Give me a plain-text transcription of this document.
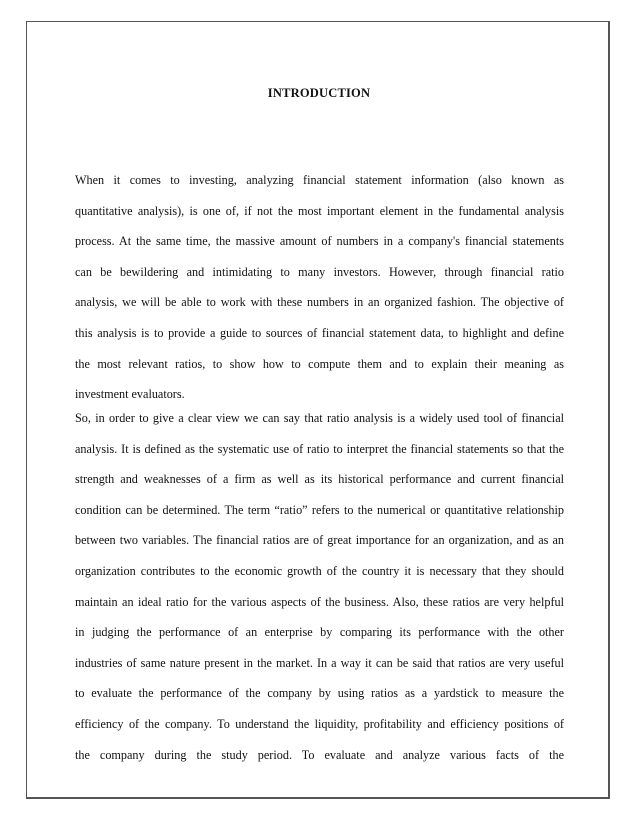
INTRODUCTION

When it comes to investing, analyzing financial statement information (also known as
quantitative analysis), is one of, if not the most important element in the fundamental analysis
process. At the same time, the massive amount of numbers in a company's financial statements
can be bewildering and intimidating to many investors. However, through financial ratio
analysis, we will be able to work with these numbers in an organized fashion. The objective of
this analysis is to provide a guide to sources of financial statement data, to highlight and define
the most relevant ratios, to show how to compute them and to explain their meaning as
investment evaluators.

So, in order to give a clear view we can say that ratio analysis is a widely used tool of financial
analysis. It is defined as the systematic use of ratio to interpret the financial statements so that the
strength and weaknesses of a firm as well as its historical performance and current financial
condition can be determined. The term “ratio” refers to the numerical or quantitative relationship
between two variables. The financial ratios are of great importance for an organization, and as an
organization contributes to the economic growth of the country it is necessary that they should
maintain an ideal ratio for the various aspects of the business. Also, these ratios are very helpful
in judging the performance of an enterprise by comparing its performance with the other
industries of same nature present in the market. In a way it can be said that ratios are very useful
to evaluate the performance of the company by using ratios as a yardstick to measure the
efficiency of the company. To understand the liquidity, profitability and efficiency positions of
the company during the study period. To evaluate and analyze various facts of the
